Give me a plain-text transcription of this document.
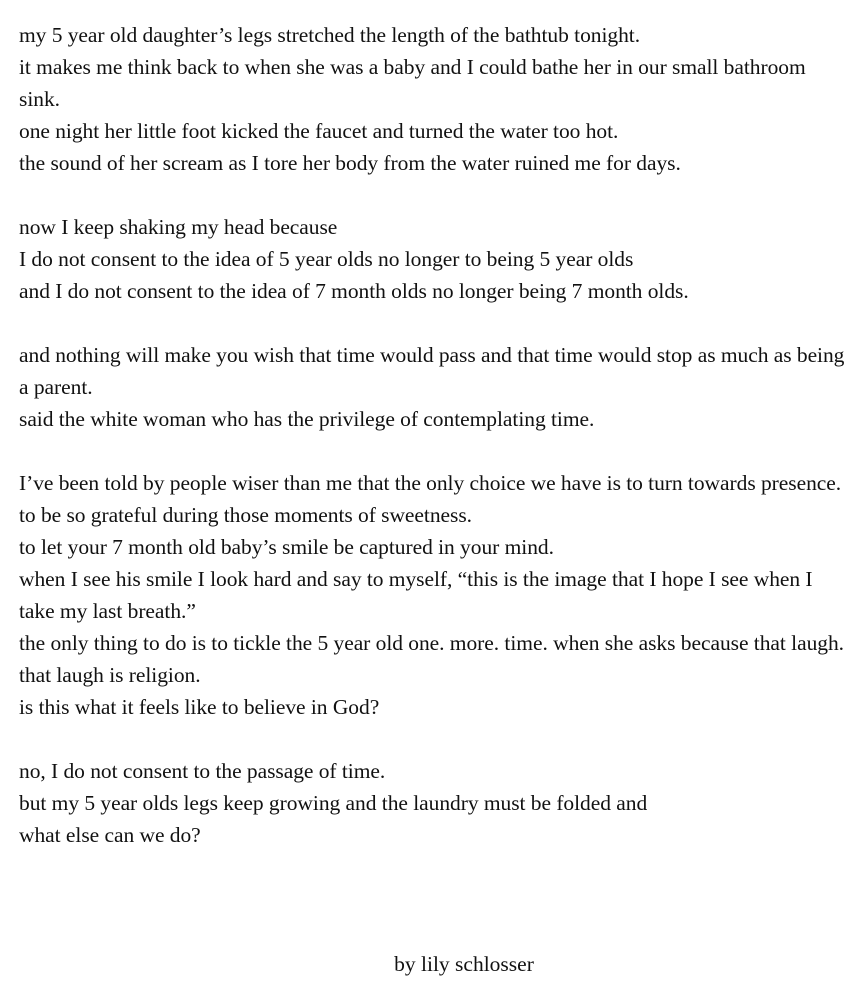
my 5 year old daughter’s legs stretched the length of the bathtub tonight.
it makes me think back to when she was a baby and I could bathe her in our small bathroom sink.
one night her little foot kicked the faucet and turned the water too hot.
the sound of her scream as I tore her body from the water ruined me for days.
now I keep shaking my head because
I do not consent to the idea of 5 year olds no longer to being 5 year olds
and I do not consent to the idea of 7 month olds no longer being 7 month olds.
and nothing will make you wish that time would pass and that time would stop as much as being a parent.
said the white woman who has the privilege of contemplating time.
I’ve been told by people wiser than me that the only choice we have is to turn towards presence.
to be so grateful during those moments of sweetness.
to let your 7 month old baby’s smile be captured in your mind.
when I see his smile I look hard and say to myself, “this is the image that I hope I see when I take my last breath.”
the only thing to do is to tickle the 5 year old one. more. time. when she asks because that laugh.
that laugh is religion.
is this what it feels like to believe in God?
no, I do not consent to the passage of time.
but my 5 year olds legs keep growing and the laundry must be folded and
what else can we do?
by lily schlosser
